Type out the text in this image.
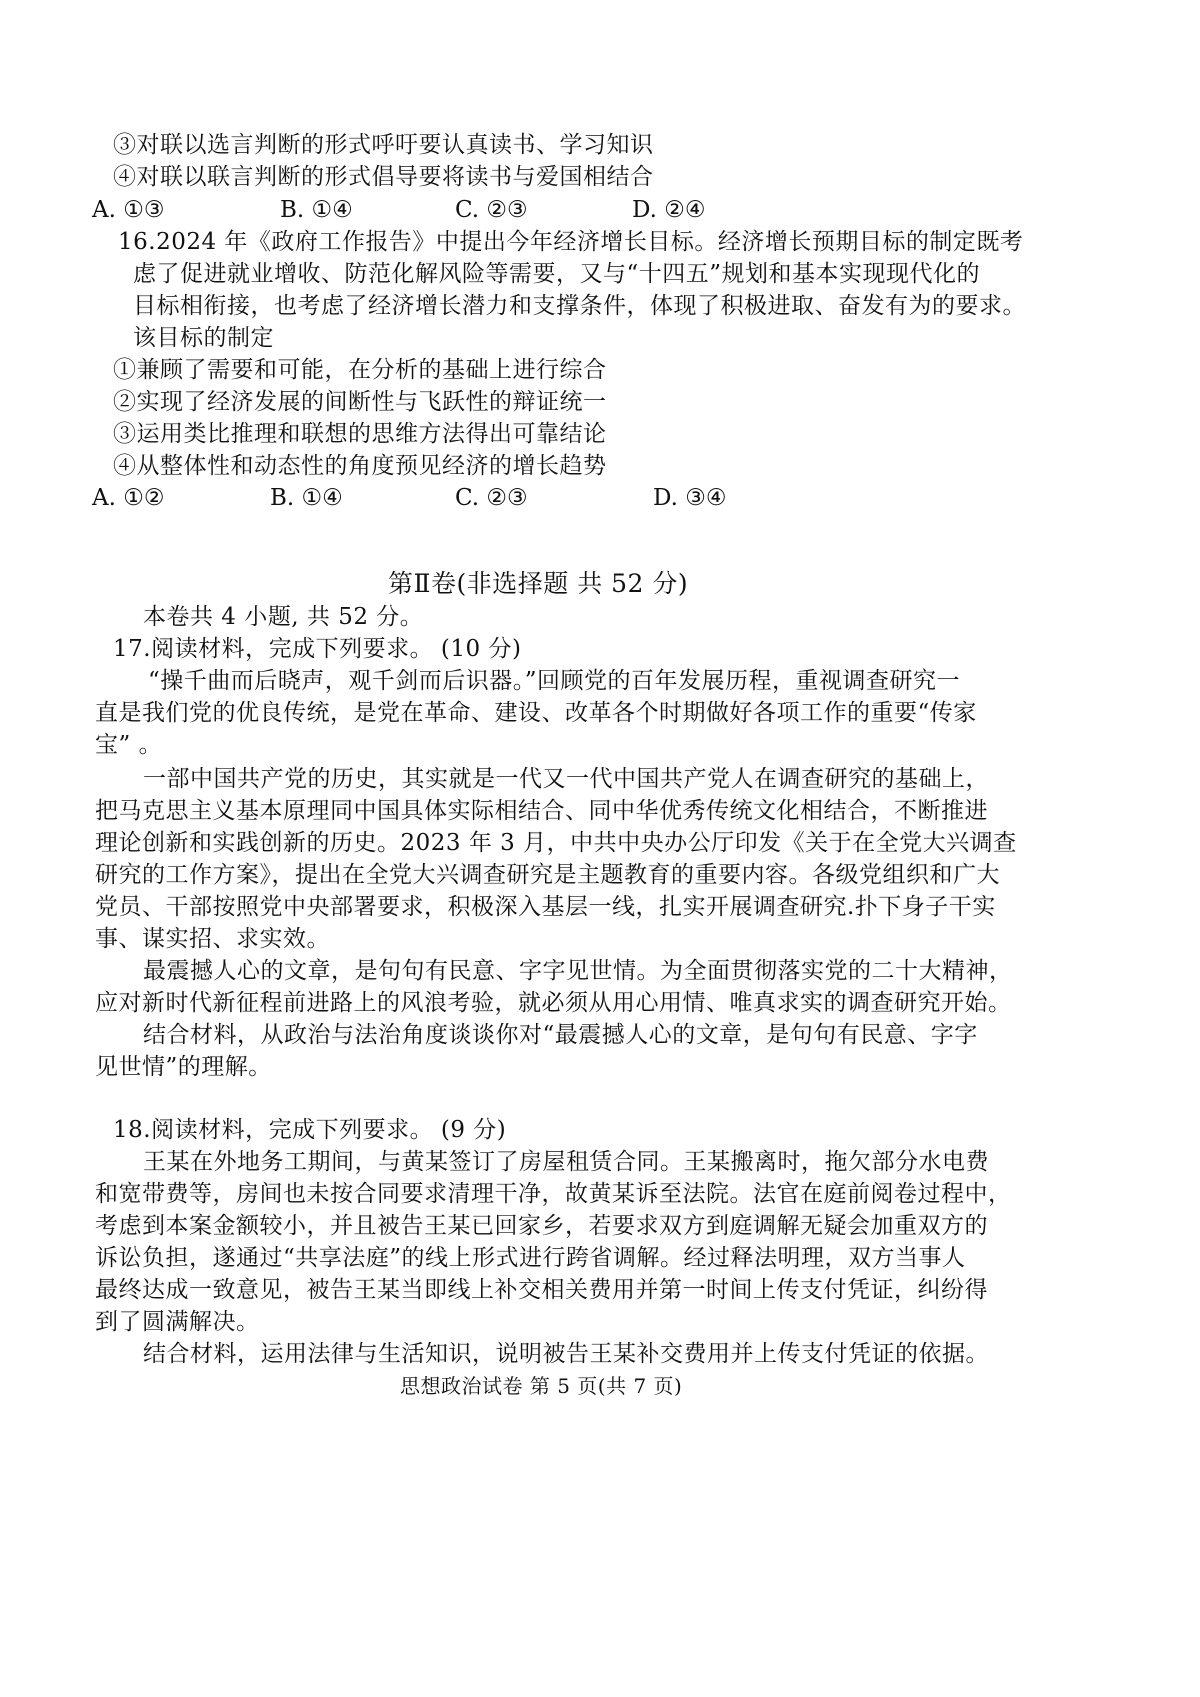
③对联以选言判断的形式呼吁要认真读书、学习知识
④对联以联言判断的形式倡导要将读书与爱国相结合
A. ①③	B. ①④	C. ②③	D. ②④
16.2024 年《政府工作报告》中提出今年经济增长目标。经济增长预期目标的制定既考
虑了促进就业增收、防范化解风险等需要，又与“十四五”规划和基本实现现代化的
目标相衔接，也考虑了经济增长潜力和支撑条件，体现了积极进取、奋发有为的要求。
该目标的制定
①兼顾了需要和可能，在分析的基础上进行综合
②实现了经济发展的间断性与飞跃性的辩证统一
③运用类比推理和联想的思维方法得出可靠结论
④从整体性和动态性的角度预见经济的增长趋势
A. ①②	B. ①④	C. ②③	D. ③④
第Ⅱ卷(非选择题 共 52 分)
本卷共 4 小题, 共 52 分。
17.阅读材料，完成下列要求。 (10 分)
“操千曲而后晓声，观千剑而后识器。”回顾党的百年发展历程，重视调查研究一
直是我们党的优良传统，是党在革命、建设、改革各个时期做好各项工作的重要“传家
宝” 。
一部中国共产党的历史，其实就是一代又一代中国共产党人在调查研究的基础上，
把马克思主义基本原理同中国具体实际相结合、同中华优秀传统文化相结合，不断推进
理论创新和实践创新的历史。2023 年 3 月，中共中央办公厅印发《关于在全党大兴调查
研究的工作方案》，提出在全党大兴调查研究是主题教育的重要内容。各级党组织和广大
党员、干部按照党中央部署要求，积极深入基层一线，扎实开展调查研究.扑下身子干实
事、谋实招、求实效。
最震撼人心的文章，是句句有民意、字字见世情。为全面贯彻落实党的二十大精神，
应对新时代新征程前进路上的风浪考验，就必须从用心用情、唯真求实的调查研究开始。
结合材料，从政治与法治角度谈谈你对“最震撼人心的文章，是句句有民意、字字
见世情”的理解。
18.阅读材料，完成下列要求。 (9 分)
王某在外地务工期间，与黄某签订了房屋租赁合同。王某搬离时，拖欠部分水电费
和宽带费等，房间也未按合同要求清理干净，故黄某诉至法院。法官在庭前阅卷过程中，
考虑到本案金额较小，并且被告王某已回家乡，若要求双方到庭调解无疑会加重双方的
诉讼负担，遂通过“共享法庭”的线上形式进行跨省调解。经过释法明理，双方当事人
最终达成一致意见，被告王某当即线上补交相关费用并第一时间上传支付凭证，纠纷得
到了圆满解决。
结合材料，运用法律与生活知识，说明被告王某补交费用并上传支付凭证的依据。
思想政治试卷 第 5 页(共 7 页)
